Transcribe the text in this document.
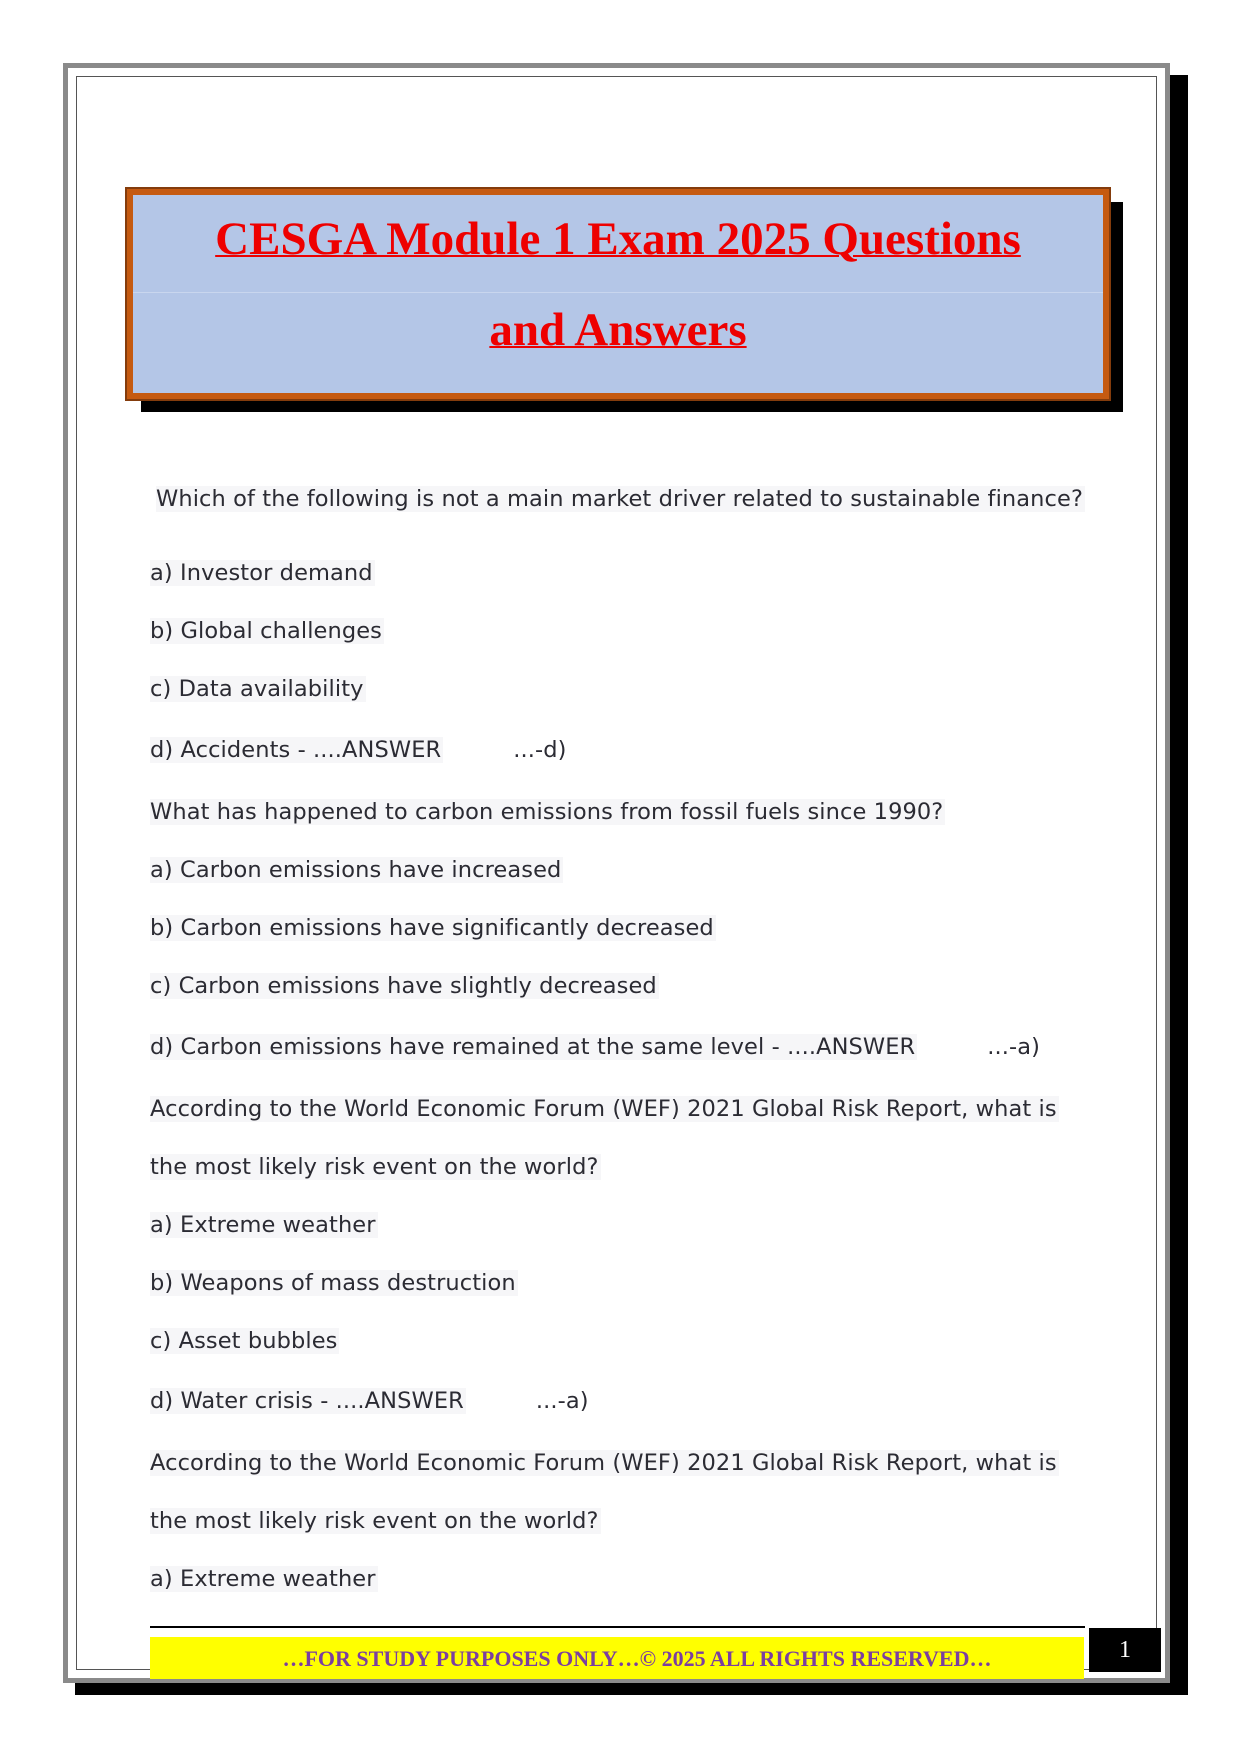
CESGA Module 1 Exam 2025 Questions
and Answers
Which of the following is not a main market driver related to sustainable finance?
a) Investor demand
b) Global challenges
c) Data availability
d) Accidents - ....ANSWER	...-d)
What has happened to carbon emissions from fossil fuels since 1990?
a) Carbon emissions have increased
b) Carbon emissions have significantly decreased
c) Carbon emissions have slightly decreased
d) Carbon emissions have remained at the same level - ....ANSWER	...-a)
According to the World Economic Forum (WEF) 2021 Global Risk Report, what is
the most likely risk event on the world?
a) Extreme weather
b) Weapons of mass destruction
c) Asset bubbles
d) Water crisis - ....ANSWER	...-a)
According to the World Economic Forum (WEF) 2021 Global Risk Report, what is
the most likely risk event on the world?
a) Extreme weather
…FOR STUDY PURPOSES ONLY…© 2025 ALL RIGHTS RESERVED…	1
